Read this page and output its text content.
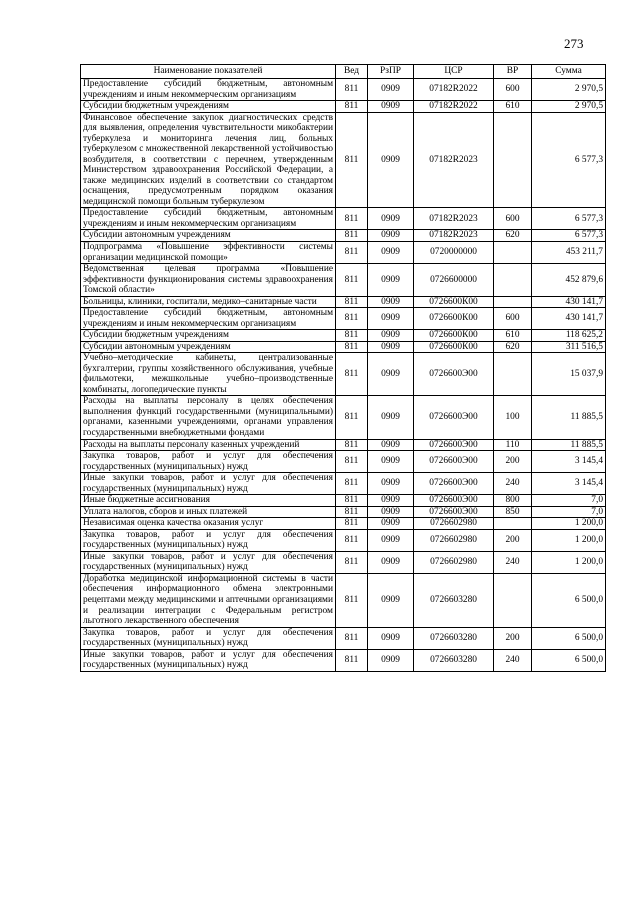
273
Наименование показателей	Вед	РзПР	ЦСР	ВР	Сумма
Предоставление субсидий бюджетным, автономным учреждениям и иным некоммерческим организациям	811	0909	07182R2022	600	2 970,5
Субсидии бюджетным учреждениям	811	0909	07182R2022	610	2 970,5
Финансовое обеспечение закупок диагностических средств для выявления, определения чувствительности микобактерии туберкулеза и мониторинга лечения лиц, больных туберкулезом с множественной лекарственной устойчивостью возбудителя, в соответствии с перечнем, утвержденным Министерством здравоохранения Российской Федерации, а также медицинских изделий в соответствии со стандартом оснащения, предусмотренным порядком оказания медицинской помощи больным туберкулезом	811	0909	07182R2023		6 577,3
Предоставление субсидий бюджетным, автономным учреждениям и иным некоммерческим организациям	811	0909	07182R2023	600	6 577,3
Субсидии автономным учреждениям	811	0909	07182R2023	620	6 577,3
Подпрограмма «Повышение эффективности системы организации медицинской помощи»	811	0909	0720000000		453 211,7
Ведомственная целевая программа «Повышение эффективности функционирования системы здравоохранения Томской области»	811	0909	0726600000		452 879,6
Больницы, клиники, госпитали, медико–санитарные части	811	0909	0726600К00		430 141,7
Предоставление субсидий бюджетным, автономным учреждениям и иным некоммерческим организациям	811	0909	0726600К00	600	430 141,7
Субсидии бюджетным учреждениям	811	0909	0726600К00	610	118 625,2
Субсидии автономным учреждениям	811	0909	0726600К00	620	311 516,5
Учебно–методические кабинеты, централизованные бухгалтерии, группы хозяйственного обслуживания, учебные фильмотеки, межшкольные учебно–производственные комбинаты, логопедические пункты	811	0909	0726600Э00		15 037,9
Расходы на выплаты персоналу в целях обеспечения выполнения функций государственными (муниципальными) органами, казенными учреждениями, органами управления государственными внебюджетными фондами	811	0909	0726600Э00	100	11 885,5
Расходы на выплаты персоналу казенных учреждений	811	0909	0726600Э00	110	11 885,5
Закупка товаров, работ и услуг для обеспечения государственных (муниципальных) нужд	811	0909	0726600Э00	200	3 145,4
Иные закупки товаров, работ и услуг для обеспечения государственных (муниципальных) нужд	811	0909	0726600Э00	240	3 145,4
Иные бюджетные ассигнования	811	0909	0726600Э00	800	7,0
Уплата налогов, сборов и иных платежей	811	0909	0726600Э00	850	7,0
Независимая оценка качества оказания услуг	811	0909	0726602980		1 200,0
Закупка товаров, работ и услуг для обеспечения государственных (муниципальных) нужд	811	0909	0726602980	200	1 200,0
Иные закупки товаров, работ и услуг для обеспечения государственных (муниципальных) нужд	811	0909	0726602980	240	1 200,0
Доработка медицинской информационной системы в части обеспечения информационного обмена электронными рецептами между медицинскими и аптечными организациями и реализации интеграции с Федеральным регистром льготного лекарственного обеспечения	811	0909	0726603280		6 500,0
Закупка товаров, работ и услуг для обеспечения государственных (муниципальных) нужд	811	0909	0726603280	200	6 500,0
Иные закупки товаров, работ и услуг для обеспечения государственных (муниципальных) нужд	811	0909	0726603280	240	6 500,0
